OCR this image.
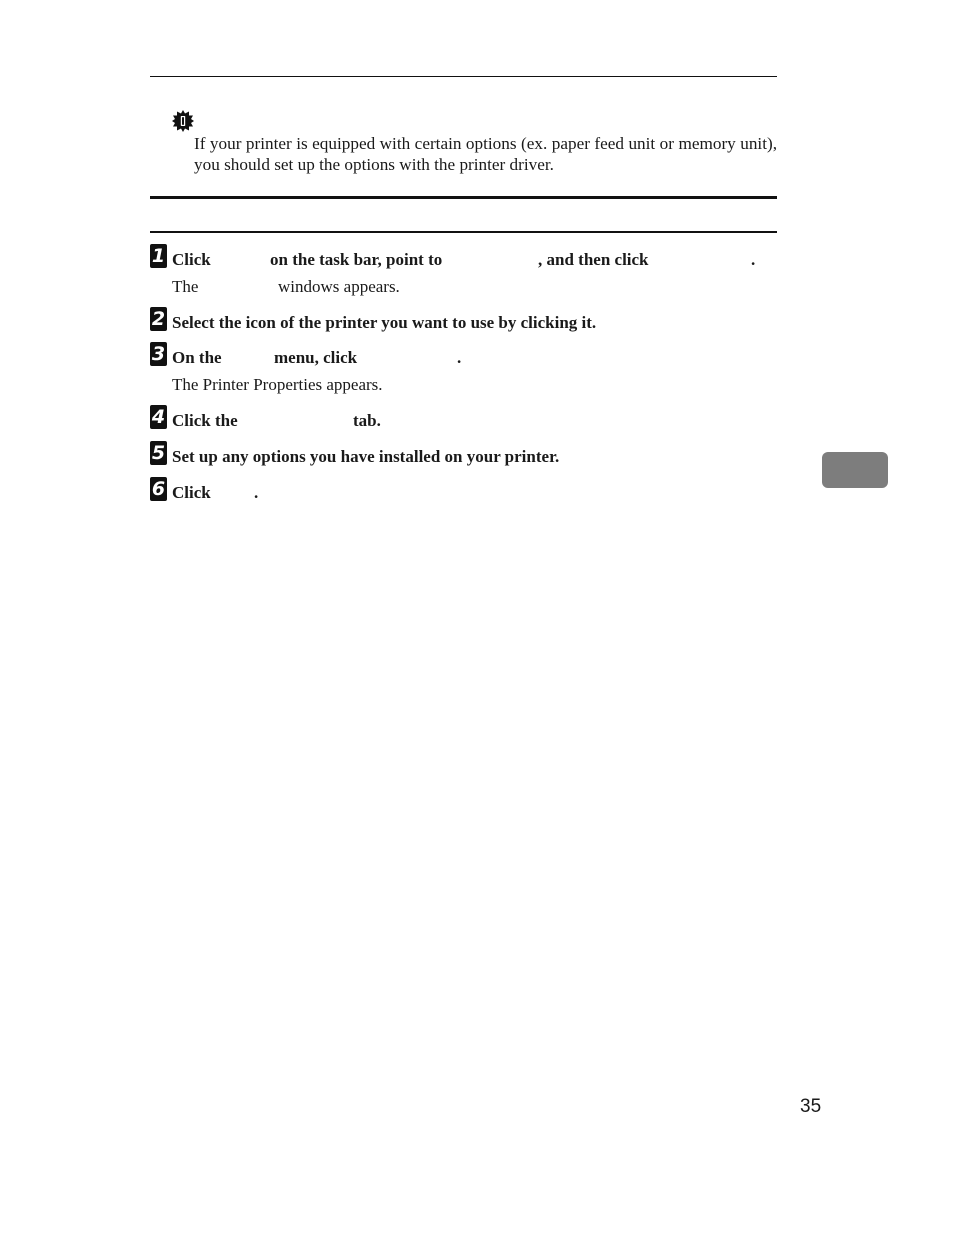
If your printer is equipped with certain options (ex. paper feed unit or memory unit), you should set up the options with the printer driver.
1 Click	on the task bar, point to	, and then click	.
The	windows appears.
2 Select the icon of the printer you want to use by clicking it.
3 On the	menu, click	.
The Printer Properties appears.
4 Click the	tab.
5 Set up any options you have installed on your printer.
6 Click	.
35
